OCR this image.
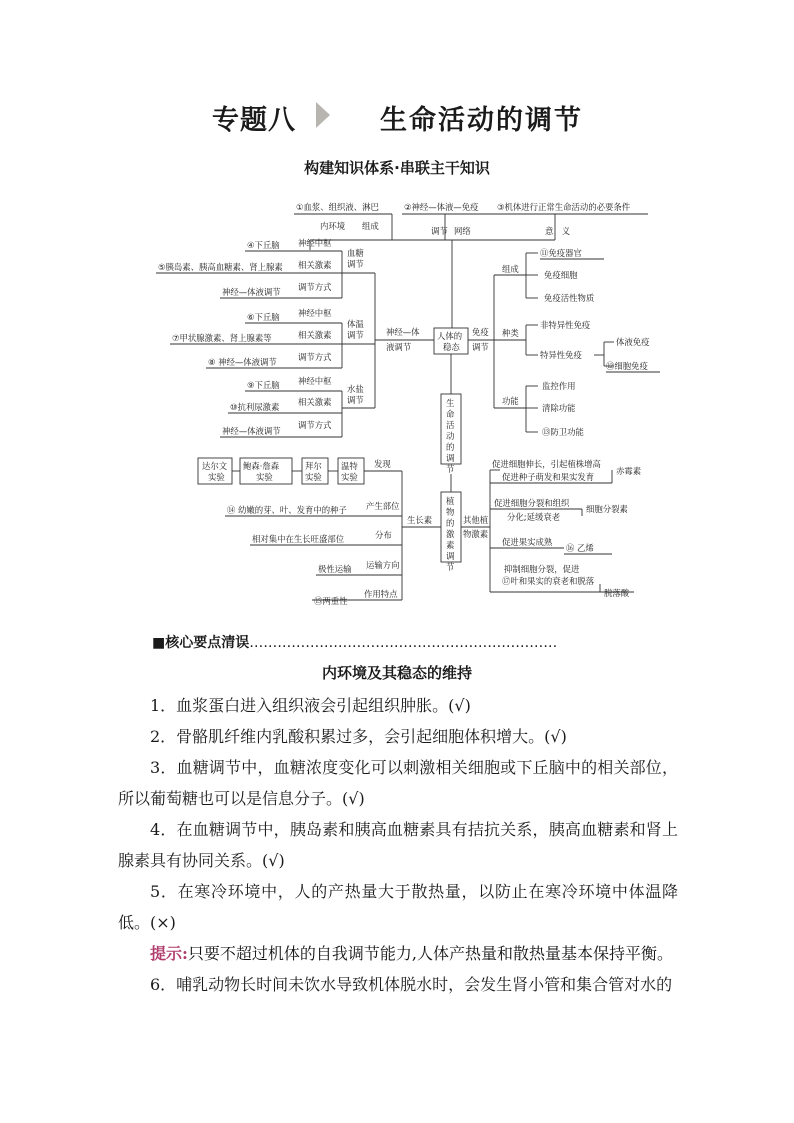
专题八	生命活动的调节
构建知识体系·串联主干知识
①血浆、组织液、淋巴	②神经—体液—免疫 ③机体进行正常生命活动的必要条件
内环境 组成	调节 网络	意　义
④下丘脑 神经中枢
⑤胰岛素、胰高血糖素、肾上腺素 相关激素
神经—体液调节 调节方式
血糖
调节
⑥下丘脑 神经中枢
⑦甲状腺激素、肾上腺素等	相关激素
⑧ 神经—体液调节	调节方式
体温
调节
⑨下丘脑 神经中枢
⑩抗利尿激素 相关激素
神经—体液调节
调节方式
水盐
调节
神经—体
液调节
人体的
稳态
免疫
调节
生
命
活
动
的
调
节
植
物
的
激
素
调
节
组成
⑪免疫器官
免疫细胞
免疫活性物质
种类
非特异性免疫
特异性免疫
体液免疫
⑫细胞免疫
功能
监控作用
清除功能
⑬防卫功能
达尔文
实验
鲍森·詹森
实验
拜尔
实验
温特
实验
发现
⑭ 幼嫩的芽、叶、发育中的种子 产生部位
相对集中在生长旺盛部位	分布
极性运输 运输方向
⑮两重性
作用特点
生长素	其他植
物激素
促进细胞伸长，引起植株增高
促进种子萌发和果实发育
赤霉素
促进细胞分裂和组织
分化;延缓衰老
细胞分裂素
促进果实成熟
⑯ 乙烯
抑制细胞分裂，促进
⑰叶和果实的衰老和脱落
脱落酸
■核心要点清误…………………………………………………………
内环境及其稳态的维持

1．血浆蛋白进入组织液会引起组织肿胀。(√)

2．骨骼肌纤维内乳酸积累过多，会引起细胞体积增大。(√)

3．血糖调节中，血糖浓度变化可以刺激相关细胞或下丘脑中的相关部位，所以葡萄糖也可以是信息分子。(√)

4．在血糖调节中，胰岛素和胰高血糖素具有拮抗关系，胰高血糖素和肾上腺素具有协同关系。(√)

5．在寒冷环境中，人的产热量大于散热量，以防止在寒冷环境中体温降低。(×)

提示:只要不超过机体的自我调节能力,人体产热量和散热量基本保持平衡。

6．哺乳动物长时间未饮水导致机体脱水时，会发生肾小管和集合管对水的
